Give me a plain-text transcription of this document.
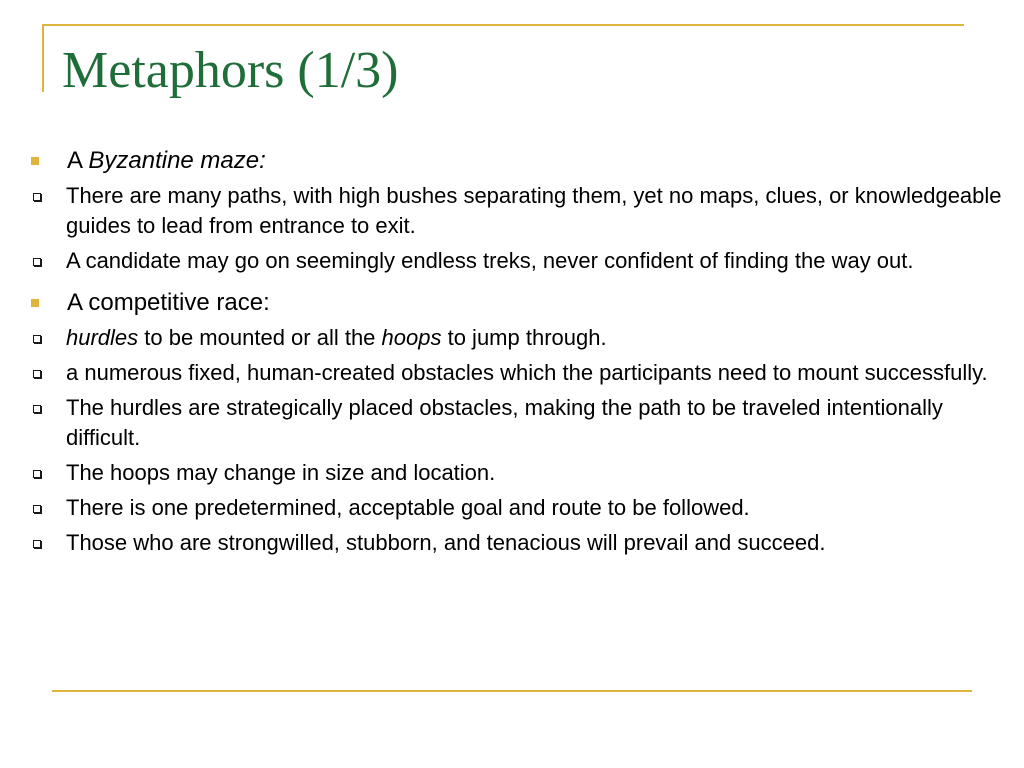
Metaphors (1/3)
A Byzantine maze:
There are many paths, with high bushes separating them, yet no maps, clues, or knowledgeable guides to lead from entrance to exit.
A candidate may go on seemingly endless treks, never confident of finding the way out.
A competitive race:
hurdles to be mounted or all the hoops to jump through.
a numerous fixed, human-created obstacles which the participants need to mount successfully.
The hurdles are strategically placed obstacles, making the path to be traveled intentionally difficult.
The hoops may change in size and location.
There is one predetermined, acceptable goal and route to be followed.
Those who are strongwilled, stubborn, and tenacious will prevail and succeed.
